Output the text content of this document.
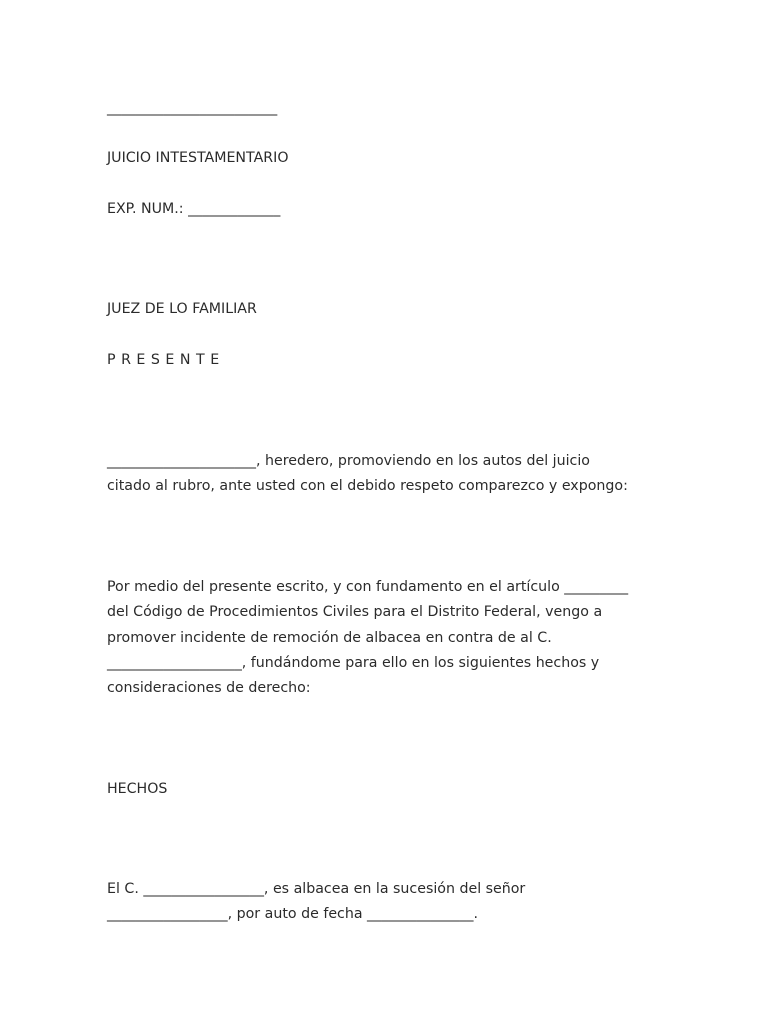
________________________

JUICIO INTESTAMENTARIO

EXP. NUM.: _____________

JUEZ DE LO FAMILIAR

P R E S E N T E

_____________________, heredero, promoviendo en los autos del juicio
citado al rubro, ante usted con el debido respeto comparezco y expongo:
Por medio del presente escrito, y con fundamento en el artículo _________
del Código de Procedimientos Civiles para el Distrito Federal, vengo a
promover incidente de remoción de albacea en contra de al C.
___________________, fundándome para ello en los siguientes hechos y
consideraciones de derecho:

HECHOS

El C. _________________, es albacea en la sucesión del señor
_________________, por auto de fecha _______________.
